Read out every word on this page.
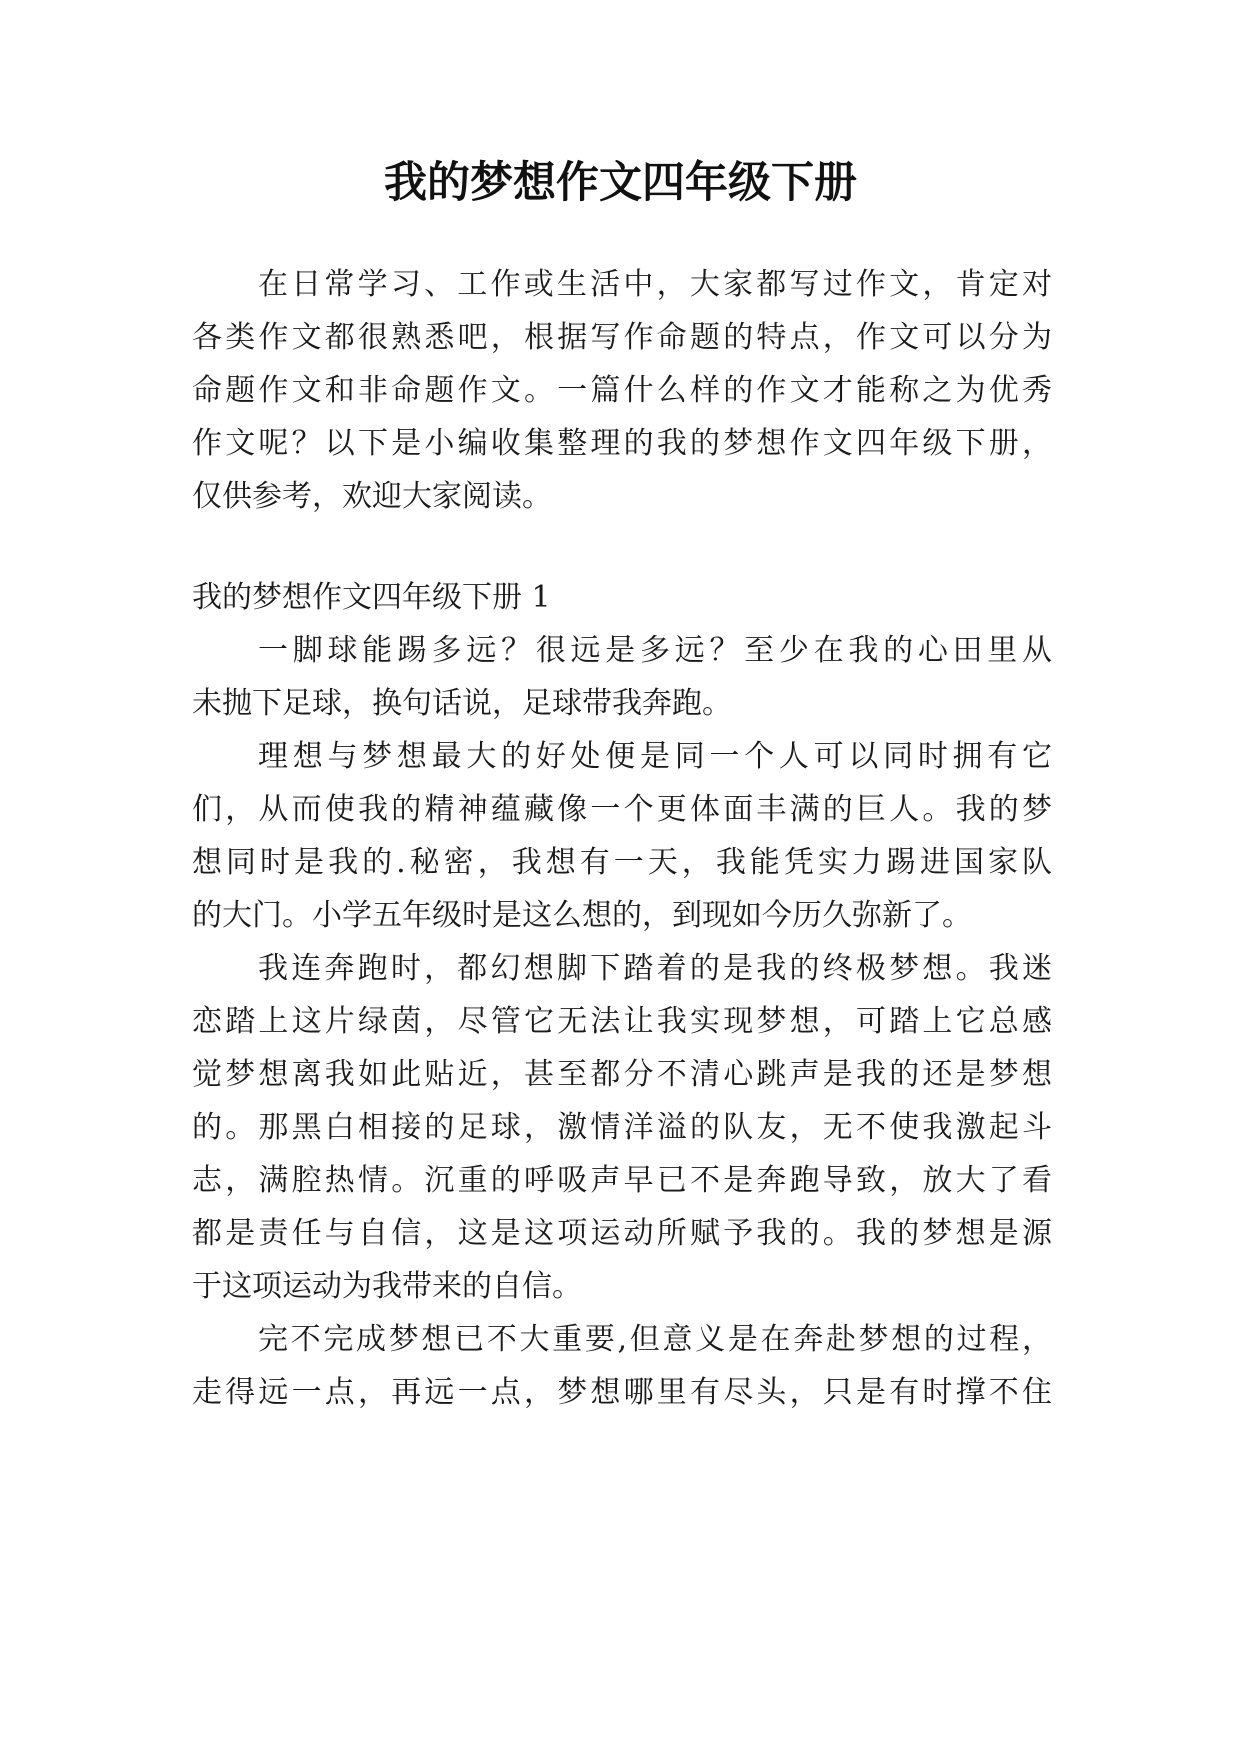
我的梦想作文四年级下册
在日常学习、工作或生活中，大家都写过作文，肯定对
各类作文都很熟悉吧，根据写作命题的特点，作文可以分为
命题作文和非命题作文。一篇什么样的作文才能称之为优秀
作文呢？以下是小编收集整理的我的梦想作文四年级下册，
仅供参考，欢迎大家阅读。
我的梦想作文四年级下册 1
一脚球能踢多远？很远是多远？至少在我的心田里从
未抛下足球，换句话说，足球带我奔跑。
理想与梦想最大的好处便是同一个人可以同时拥有它
们，从而使我的精神蕴藏像一个更体面丰满的巨人。我的梦
想同时是我的.秘密，我想有一天，我能凭实力踢进国家队
的大门。小学五年级时是这么想的，到现如今历久弥新了。
我连奔跑时，都幻想脚下踏着的是我的终极梦想。我迷
恋踏上这片绿茵，尽管它无法让我实现梦想，可踏上它总感
觉梦想离我如此贴近，甚至都分不清心跳声是我的还是梦想
的。那黑白相接的足球，激情洋溢的队友，无不使我激起斗
志，满腔热情。沉重的呼吸声早已不是奔跑导致，放大了看
都是责任与自信，这是这项运动所赋予我的。我的梦想是源
于这项运动为我带来的自信。
完不完成梦想已不大重要,但意义是在奔赴梦想的过程，
走得远一点，再远一点，梦想哪里有尽头，只是有时撑不住
